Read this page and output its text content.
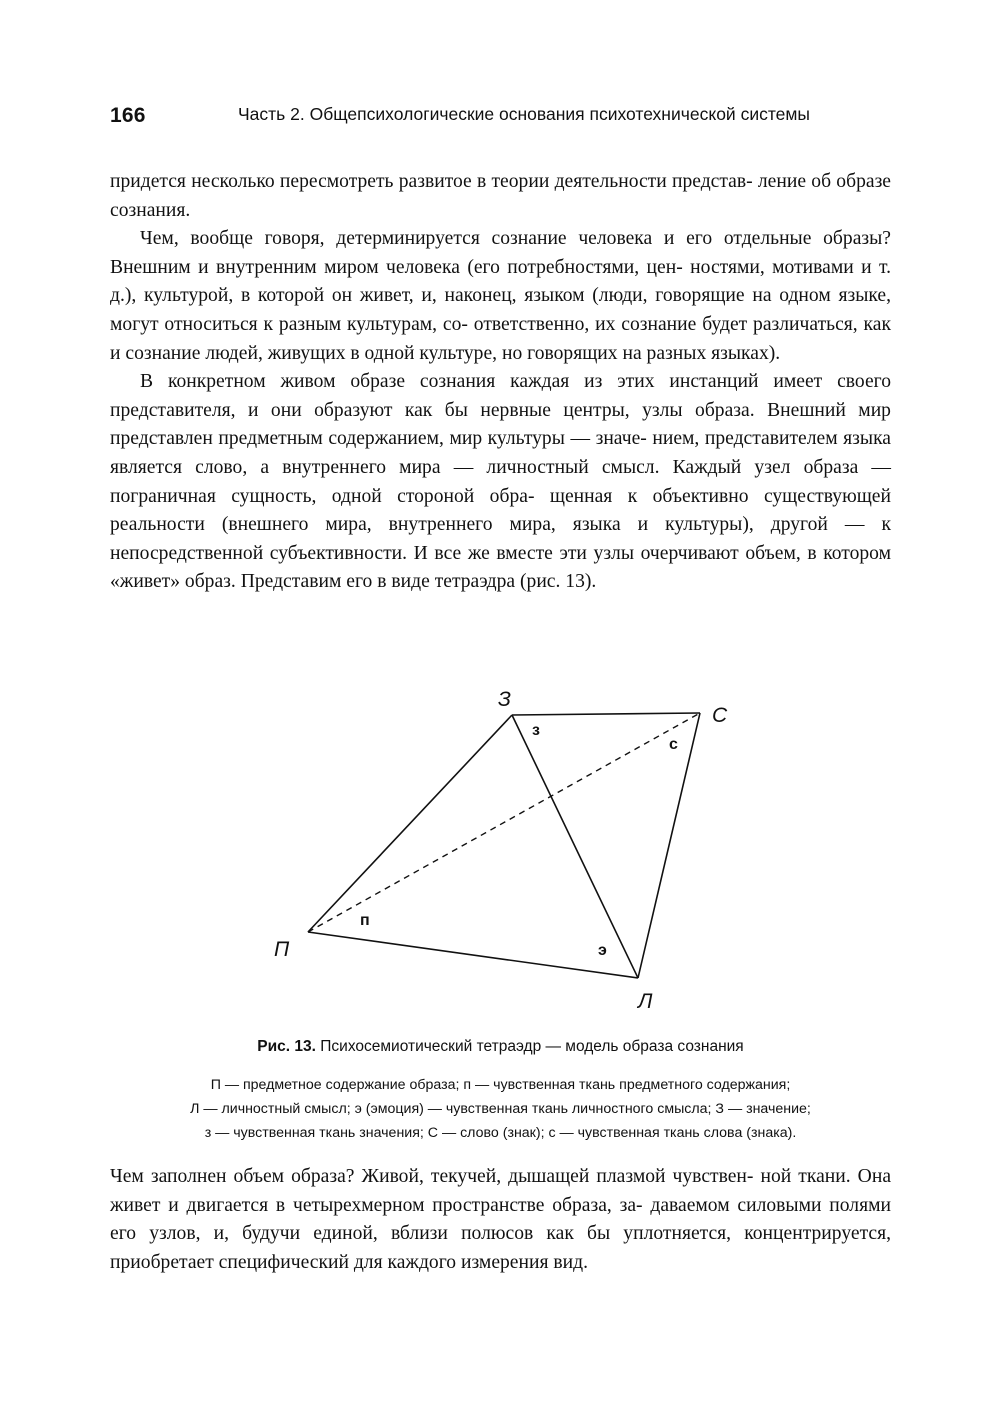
166	Часть 2. Общепсихологические основания психотехнической системы

придется несколько пересмотреть развитое в теории деятельности представ- ление об образе сознания.

Чем, вообще говоря, детерминируется сознание человека и его отдельные образы? Внешним и внутренним миром человека (его потребностями, цен- ностями, мотивами и т. д.), культурой, в которой он живет, и, наконец, языком (люди, говорящие на одном языке, могут относиться к разным культурам, со- ответственно, их сознание будет различаться, как и сознание людей, живущих в одной культуре, но говорящих на разных языках).

В конкретном живом образе сознания каждая из этих инстанций имеет своего представителя, и они образуют как бы нервные центры, узлы образа. Внешний мир представлен предметным содержанием, мир культуры — значе- нием, представителем языка является слово, а внутреннего мира — личностный смысл. Каждый узел образа — пограничная сущность, одной стороной обра- щенная к объективно существующей реальности (внешнего мира, внутреннего мира, языка и культуры), другой — к непосредственной субъективности. И все же вместе эти узлы очерчивают объем, в котором «живет» образ. Представим его в виде тетраэдра (рис. 13).

З
С
П
Л
з
с
п
э
Рис. 13. Психосемиотический тетраэдр — модель образа сознания
П — предметное содержание образа; п — чувственная ткань предметного содержания;
Л — личностный смысл; э (эмоция) — чувственная ткань личностного смысла; З — значение;
з — чувственная ткань значения; С — слово (знак); с — чувственная ткань слова (знака).

Чем заполнен объем образа? Живой, текучей, дышащей плазмой чувствен- ной ткани. Она живет и двигается в четырехмерном пространстве образа, за- даваемом силовыми полями его узлов, и, будучи единой, вблизи полюсов как бы уплотняется, концентрируется, приобретает специфический для каждого измерения вид.
